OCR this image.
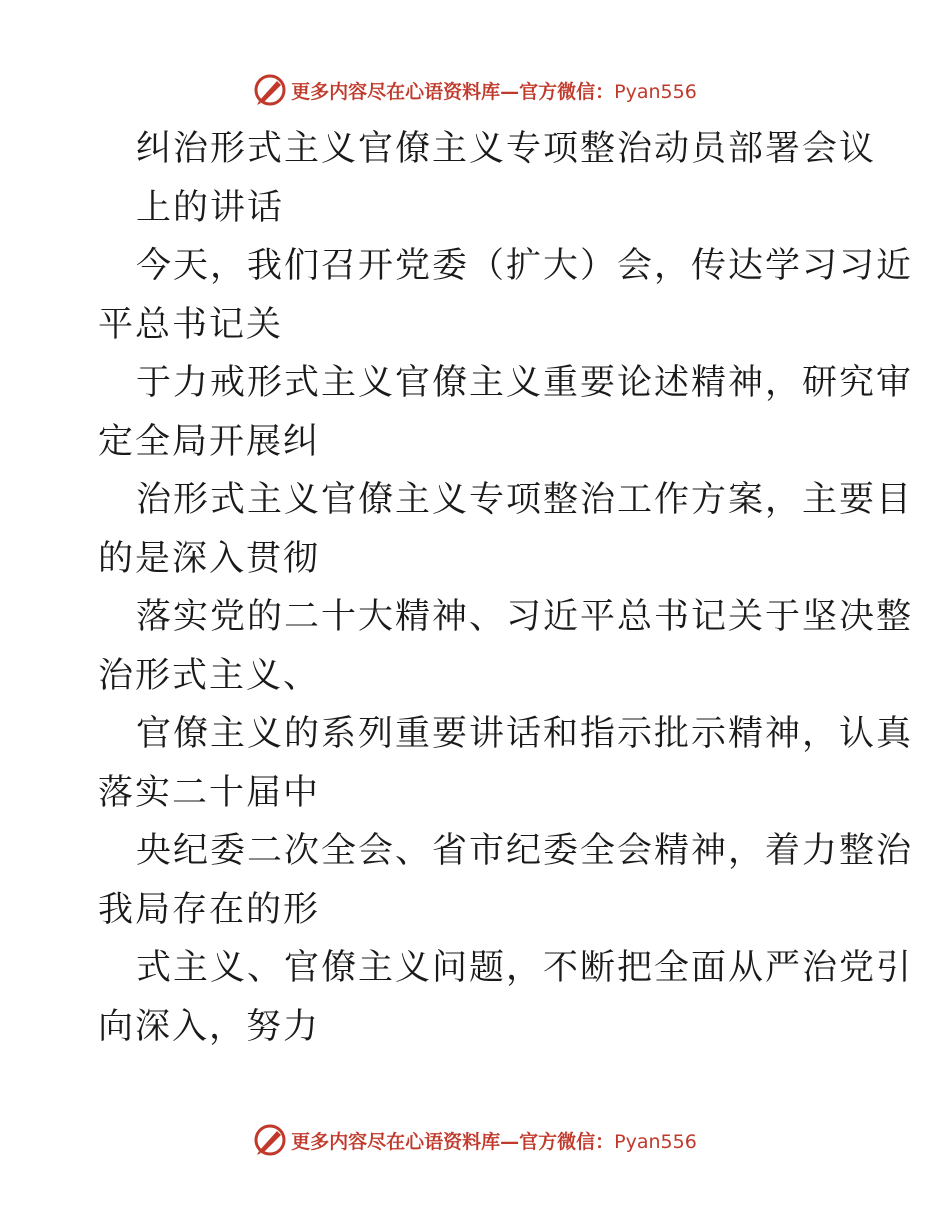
更多内容尽在心语资料库—官方微信：Pyan556
纠治形式主义官僚主义专项整治动员部署会议
上的讲话
今天，我们召开党委（扩大）会，传达学习习近
平总书记关
于力戒形式主义官僚主义重要论述精神，研究审
定全局开展纠
治形式主义官僚主义专项整治工作方案，主要目
的是深入贯彻
落实党的二十大精神、习近平总书记关于坚决整
治形式主义、
官僚主义的系列重要讲话和指示批示精神，认真
落实二十届中
央纪委二次全会、省市纪委全会精神，着力整治
我局存在的形
式主义、官僚主义问题，不断把全面从严治党引
向深入，努力
更多内容尽在心语资料库—官方微信：Pyan556
